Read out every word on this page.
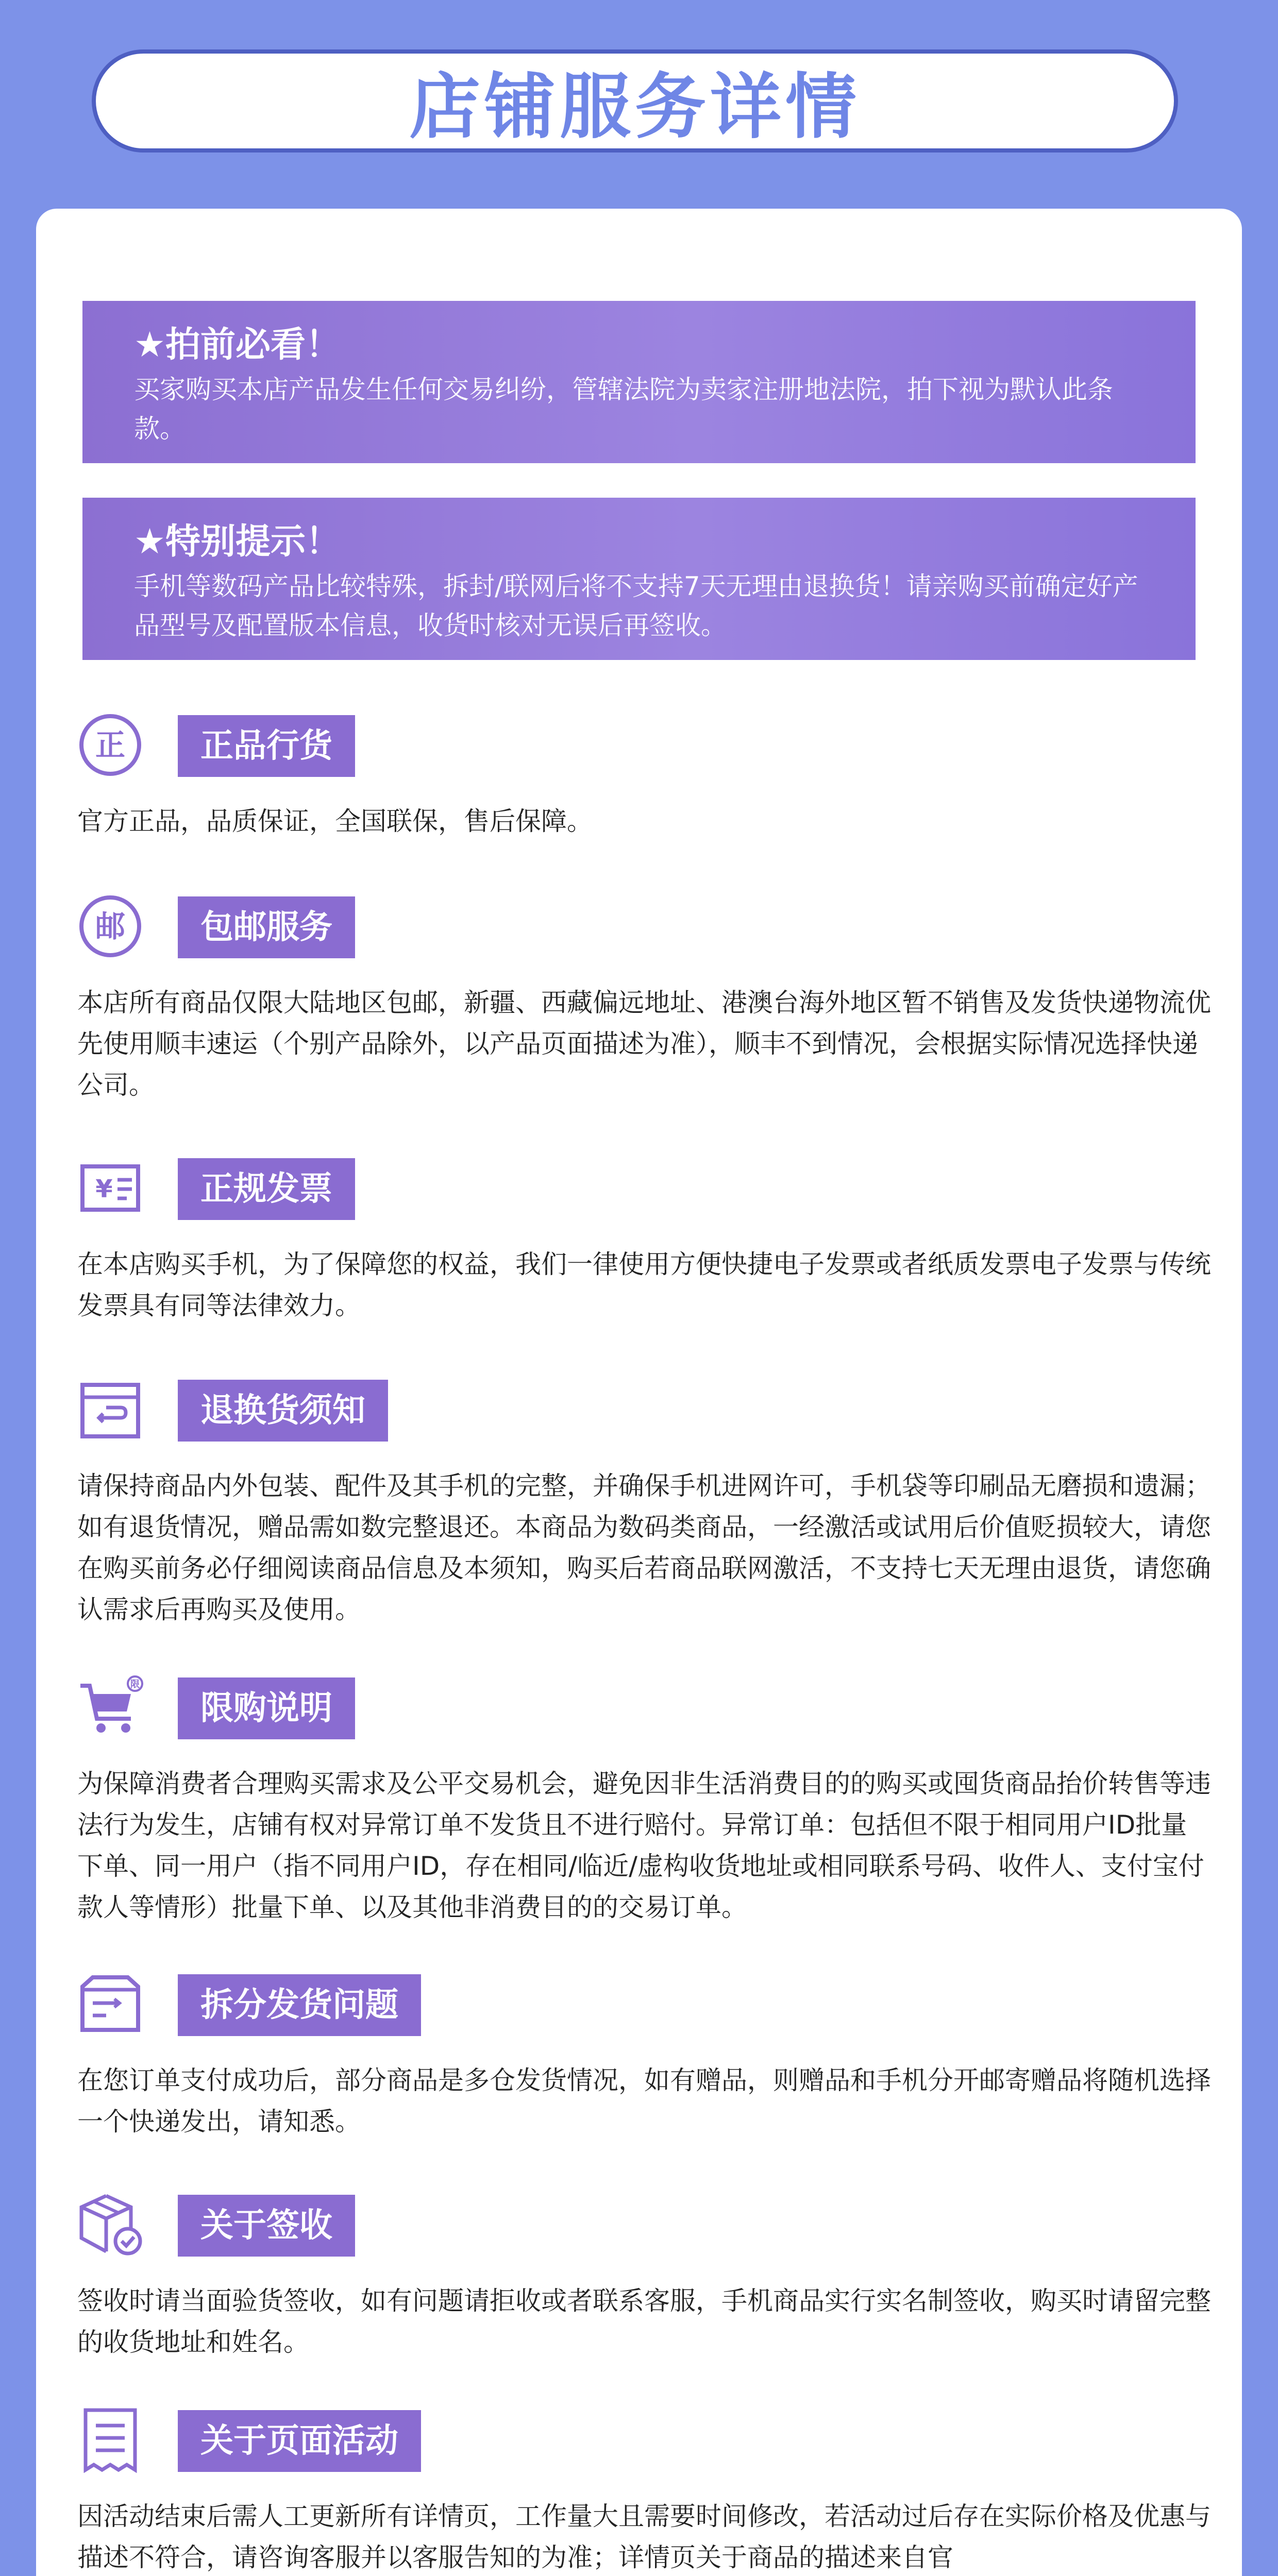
店铺服务详情
★拍前必看！
买家购买本店产品发生任何交易纠纷，管辖法院为卖家注册地法院，拍下视为默认此条款。
★特别提示！
手机等数码产品比较特殊，拆封/联网后将不支持7天无理由退换货！请亲购买前确定好产品型号及配置版本信息，收货时核对无误后再签收。
正	正品行货
官方正品，品质保证，全国联保，售后保障。
邮	包邮服务
本店所有商品仅限大陆地区包邮，新疆、西藏偏远地址、港澳台海外地区暂不销售及发货快递物流优先使用顺丰速运（个别产品除外，以产品页面描述为准），顺丰不到情况，会根据实际情况选择快递公司。
¥	正规发票
在本店购买手机，为了保障您的权益，我们一律使用方便快捷电子发票或者纸质发票电子发票与传统发票具有同等法律效力。
退换货须知
请保持商品内外包装、配件及其手机的完整，并确保手机进网许可，手机袋等印刷品无磨损和遗漏；如有退货情况，赠品需如数完整退还。本商品为数码类商品，一经激活或试用后价值贬损较大，请您在购买前务必仔细阅读商品信息及本须知，购买后若商品联网激活，不支持七天无理由退货，请您确认需求后再购买及使用。
限
限购说明
为保障消费者合理购买需求及公平交易机会，避免因非生活消费目的的购买或囤货商品抬价转售等违法行为发生，店铺有权对异常订单不发货且不进行赔付。异常订单：包括但不限于相同用户ID批量下单、同一用户（指不同用户ID，存在相同/临近/虚构收货地址或相同联系号码、收件人、支付宝付款人等情形）批量下单、以及其他非消费目的的交易订单。
拆分发货问题
在您订单支付成功后，部分商品是多仓发货情况，如有赠品，则赠品和手机分开邮寄赠品将随机选择一个快递发出，请知悉。
关于签收
签收时请当面验货签收，如有问题请拒收或者联系客服，手机商品实行实名制签收，购买时请留完整的收货地址和姓名。
关于页面活动
因活动结束后需人工更新所有详情页，工作量大且需要时间修改，若活动过后存在实际价格及优惠与描述不符合，请咨询客服并以客服告知的为准；详情页关于商品的描述来自官
